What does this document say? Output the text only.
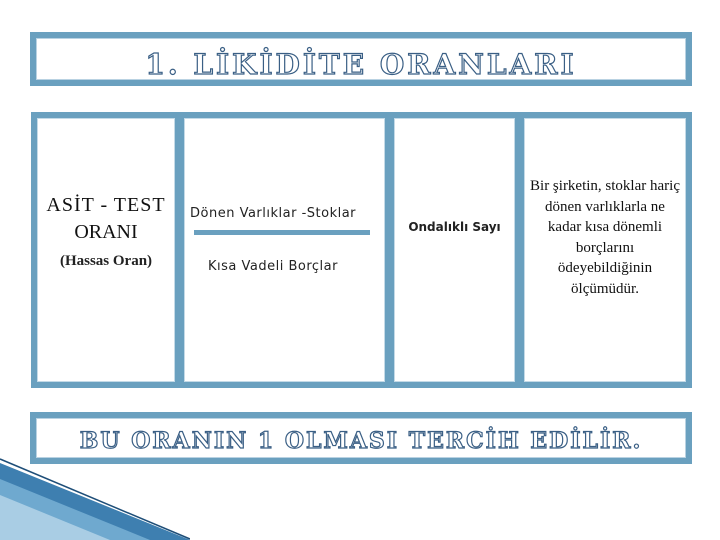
1. LİKİDİTE ORANLARI
ASİT - TEST
ORANI
(Hassas Oran)
Dönen Varlıklar -Stoklar
Kısa Vadeli Borçlar
Ondalıklı Sayı
Bir şirketin, stoklar hariç dönen varlıklarla ne kadar kısa dönemli borçlarını ödeyebildiğinin ölçümüdür.
BU ORANIN 1 OLMASI TERCİH EDİLİR.
